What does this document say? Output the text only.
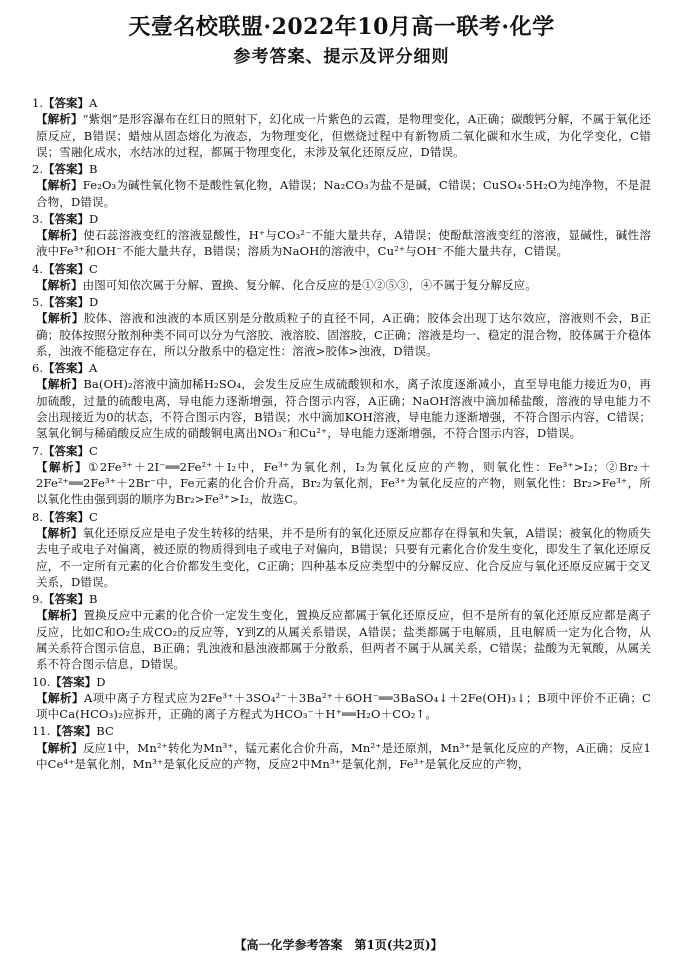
天壹名校联盟·2022年10月高一联考·化学
参考答案、提示及评分细则
1.【答案】A
【解析】“紫烟”是形容瀑布在红日的照射下，幻化成一片紫色的云霞，是物理变化，A正确；碳酸钙分解，不属于氧化还原反应，B错误；蜡烛从固态熔化为液态，为物理变化，但燃烧过程中有新物质二氧化碳和水生成，为化学变化，C错误；雪融化成水，水结冰的过程，都属于物理变化，未涉及氧化还原反应，D错误。
2.【答案】B
【解析】Fe₂O₃为碱性氧化物不是酸性氧化物，A错误；Na₂CO₃为盐不是碱，C错误；CuSO₄·5H₂O为纯净物，不是混合物，D错误。
3.【答案】D
【解析】使石蕊溶液变红的溶液显酸性，H⁺与CO₃²⁻不能大量共存，A错误；使酚酞溶液变红的溶液，显碱性，碱性溶液中Fe³⁺和OH⁻不能大量共存，B错误；溶质为NaOH的溶液中，Cu²⁺与OH⁻不能大量共存，C错误。
4.【答案】C
【解析】由图可知依次属于分解、置换、复分解、化合反应的是①②⑤③，④不属于复分解反应。
5.【答案】D
【解析】胶体、溶液和浊液的本质区别是分散质粒子的直径不同，A正确；胶体会出现丁达尔效应，溶液则不会，B正确；胶体按照分散剂种类不同可以分为气溶胶、液溶胶、固溶胶，C正确；溶液是均一、稳定的混合物，胶体属于介稳体系，浊液不能稳定存在，所以分散系中的稳定性：溶液>胶体>浊液，D错误。
6.【答案】A
【解析】Ba(OH)₂溶液中滴加稀H₂SO₄，会发生反应生成硫酸钡和水，离子浓度逐渐减小，直至导电能力接近为0，再加硫酸，过量的硫酸电离，导电能力逐渐增强，符合图示内容，A正确；NaOH溶液中滴加稀盐酸，溶液的导电能力不会出现接近为0的状态，不符合图示内容，B错误；水中滴加KOH溶液，导电能力逐渐增强，不符合图示内容，C错误；氢氧化铜与稀硝酸反应生成的硝酸铜电离出NO₃⁻和Cu²⁺，导电能力逐渐增强，不符合图示内容，D错误。
7.【答案】C
【解析】①2Fe³⁺＋2I⁻══2Fe²⁺＋I₂中，Fe³⁺为氧化剂，I₂为氧化反应的产物，则氧化性：Fe³⁺>I₂；②Br₂＋2Fe²⁺══2Fe³⁺＋2Br⁻中，Fe元素的化合价升高，Br₂为氧化剂，Fe³⁺为氧化反应的产物，则氧化性：Br₂>Fe³⁺，所以氧化性由强到弱的顺序为Br₂>Fe³⁺>I₂，故选C。
8.【答案】C
【解析】氧化还原反应是电子发生转移的结果，并不是所有的氧化还原反应都存在得氧和失氧，A错误；被氧化的物质失去电子或电子对偏离，被还原的物质得到电子或电子对偏向，B错误；只要有元素化合价发生变化，即发生了氧化还原反应，不一定所有元素的化合价都发生变化，C正确；四种基本反应类型中的分解反应、化合反应与氧化还原反应属于交叉关系，D错误。
9.【答案】B
【解析】置换反应中元素的化合价一定发生变化，置换反应都属于氧化还原反应，但不是所有的氧化还原反应都是离子反应，比如C和O₂生成CO₂的反应等，Y到Z的从属关系错误，A错误；盐类都属于电解质，且电解质一定为化合物，从属关系符合图示信息，B正确；乳浊液和悬浊液都属于分散系，但两者不属于从属关系，C错误；盐酸为无氧酸，从属关系不符合图示信息，D错误。
10.【答案】D
【解析】A项中离子方程式应为2Fe³⁺＋3SO₄²⁻＋3Ba²⁺＋6OH⁻══3BaSO₄↓＋2Fe(OH)₃↓；B项中评价不正确；C项中Ca(HCO₃)₂应拆开，正确的离子方程式为HCO₃⁻＋H⁺══H₂O＋CO₂↑。
11.【答案】BC
【解析】反应1中，Mn²⁺转化为Mn³⁺，锰元素化合价升高，Mn²⁺是还原剂，Mn³⁺是氧化反应的产物，A正确；反应1中Ce⁴⁺是氧化剂，Mn³⁺是氧化反应的产物，反应2中Mn³⁺是氧化剂，Fe³⁺是氧化反应的产物，
【高一化学参考答案　第1页(共2页)】
